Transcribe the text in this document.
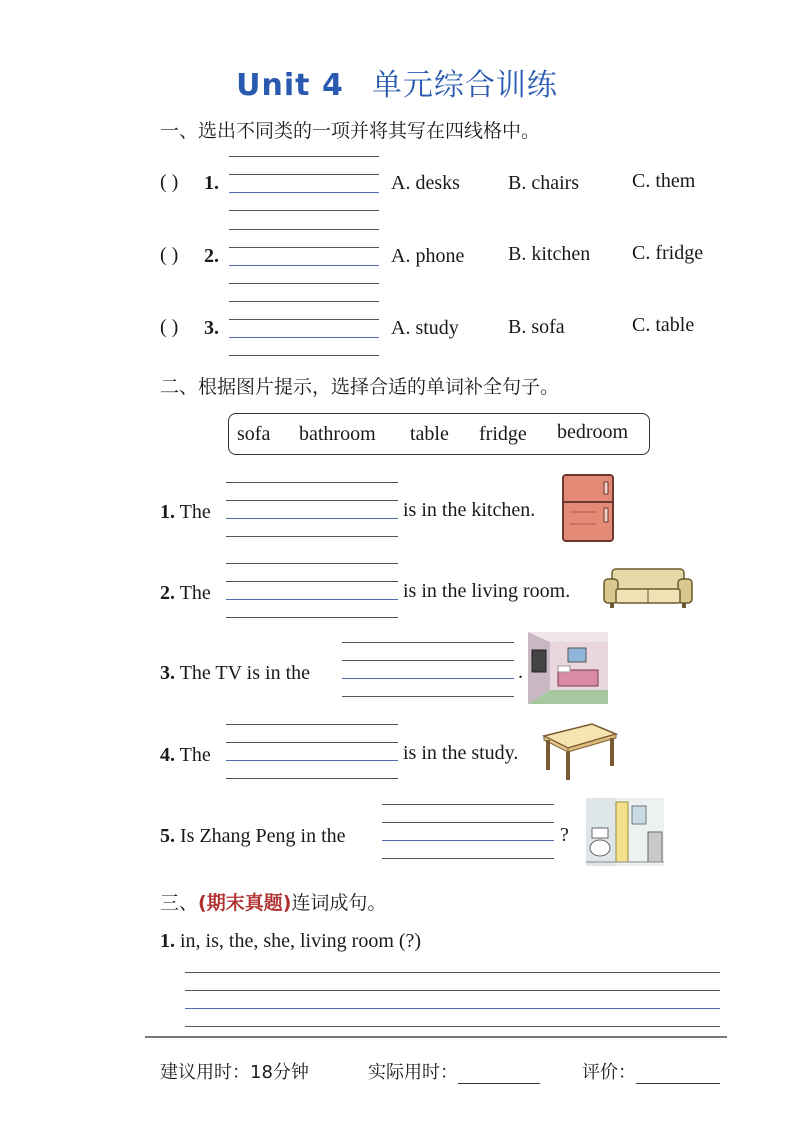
Unit 4 单元综合训练
一、选出不同类的一项并将其写在四线格中。
( ) 1.	A. desks B. chairs	C. them
( ) 2.	A. phone B. kitchen C. fridge
( ) 3.	A. study B. sofa	C. table
二、根据图片提示，选择合适的单词补全句子。
sofa bathroom table fridge bedroom
1. The	is in the kitchen.
2. The	is in the living room.
3. The TV is in the	.
4. The	is in the study.
5. Is Zhang Peng in the	?
三、(期末真题)连词成句。
1. in, is, the, she, living room (?)
建议用时：18分钟	实际用时：	评价：
